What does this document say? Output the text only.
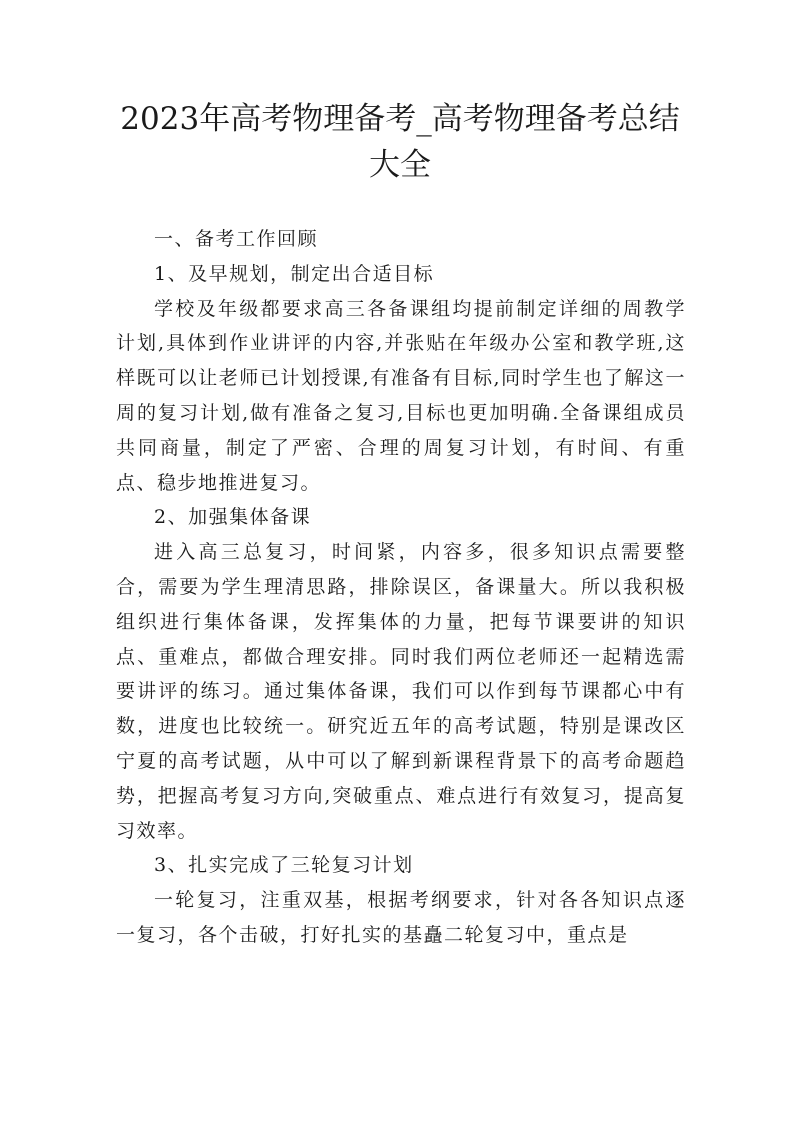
2023年高考物理备考_高考物理备考总结大全

一、备考工作回顾

1、及早规划，制定出合适目标

学校及年级都要求高三各备课组均提前制定详细的周教学计划,具体到作业讲评的内容,并张贴在年级办公室和教学班,这样既可以让老师已计划授课,有准备有目标,同时学生也了解这一周的复习计划,做有准备之复习,目标也更加明确.全备课组成员共同商量，制定了严密、合理的周复习计划，有时间、有重点、稳步地推进复习。

2、加强集体备课

进入高三总复习，时间紧，内容多，很多知识点需要整合，需要为学生理清思路，排除误区，备课量大。所以我积极组织进行集体备课，发挥集体的力量，把每节课要讲的知识点、重难点，都做合理安排。同时我们两位老师还一起精选需要讲评的练习。通过集体备课，我们可以作到每节课都心中有数，进度也比较统一。研究近五年的高考试题，特别是课改区宁夏的高考试题，从中可以了解到新课程背景下的高考命题趋势，把握高考复习方向,突破重点、难点进行有效复习，提高复习效率。

3、扎实完成了三轮复习计划

一轮复习，注重双基，根据考纲要求，针对各各知识点逐一复习，各个击破，打好扎实的基矗二轮复习中，重点是
